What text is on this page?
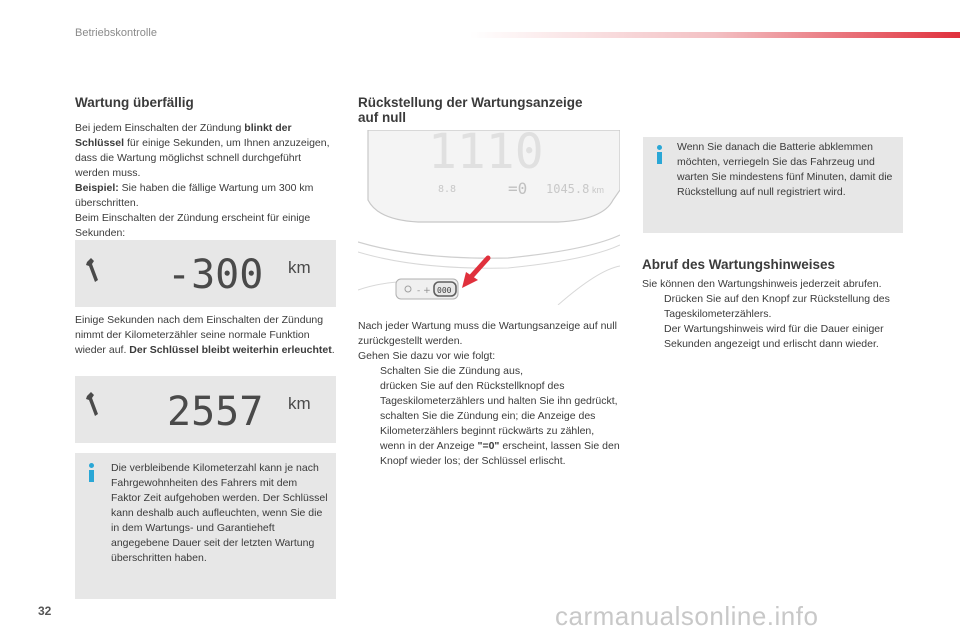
Betriebskontrolle
Wartung überfällig

Bei jedem Einschalten der Zündung blinkt der Schlüssel für einige Sekunden, um Ihnen anzuzeigen, dass die Wartung möglichst schnell durchgeführt werden muss.

Beispiel: Sie haben die fällige Wartung um 300 km überschritten.

Beim Einschalten der Zündung erscheint für einige Sekunden:

-300 km
Einige Sekunden nach dem Einschalten der Zündung nimmt der Kilometerzähler seine normale Funktion wieder auf. Der Schlüssel bleibt weiterhin erleuchtet.
2557 km
Die verbleibende Kilometerzahl kann je nach Fahrgewohnheiten des Fahrers mit dem Faktor Zeit aufgehoben werden. Der Schlüssel kann deshalb auch aufleuchten, wenn Sie die in dem Wartungs- und Garantieheft angegebene Dauer seit der letzten Wartung überschritten haben.
Rückstellung der Wartungsanzeige
auf null
1110
8.8	=0 1045.8 km
- + 000

Nach jeder Wartung muss die Wartungsanzeige auf null zurückgestellt werden.

Gehen Sie dazu vor wie folgt:

Schalten Sie die Zündung aus,
drücken Sie auf den Rückstellknopf des Tageskilometerzählers und halten Sie ihn gedrückt,
schalten Sie die Zündung ein; die Anzeige des Kilometerzählers beginnt rückwärts zu zählen,
wenn in der Anzeige "=0" erscheint, lassen Sie den Knopf wieder los; der Schlüssel erlischt.
Wenn Sie danach die Batterie abklemmen möchten, verriegeln Sie das Fahrzeug und warten Sie mindestens fünf Minuten, damit die Rückstellung auf null registriert wird.
Abruf des Wartungshinweises

Sie können den Wartungshinweis jederzeit abrufen.

Drücken Sie auf den Knopf zur Rückstellung des Tageskilometerzählers.
Der Wartungshinweis wird für die Dauer einiger Sekunden angezeigt und erlischt dann wieder.
32	carmanualsonline.info
